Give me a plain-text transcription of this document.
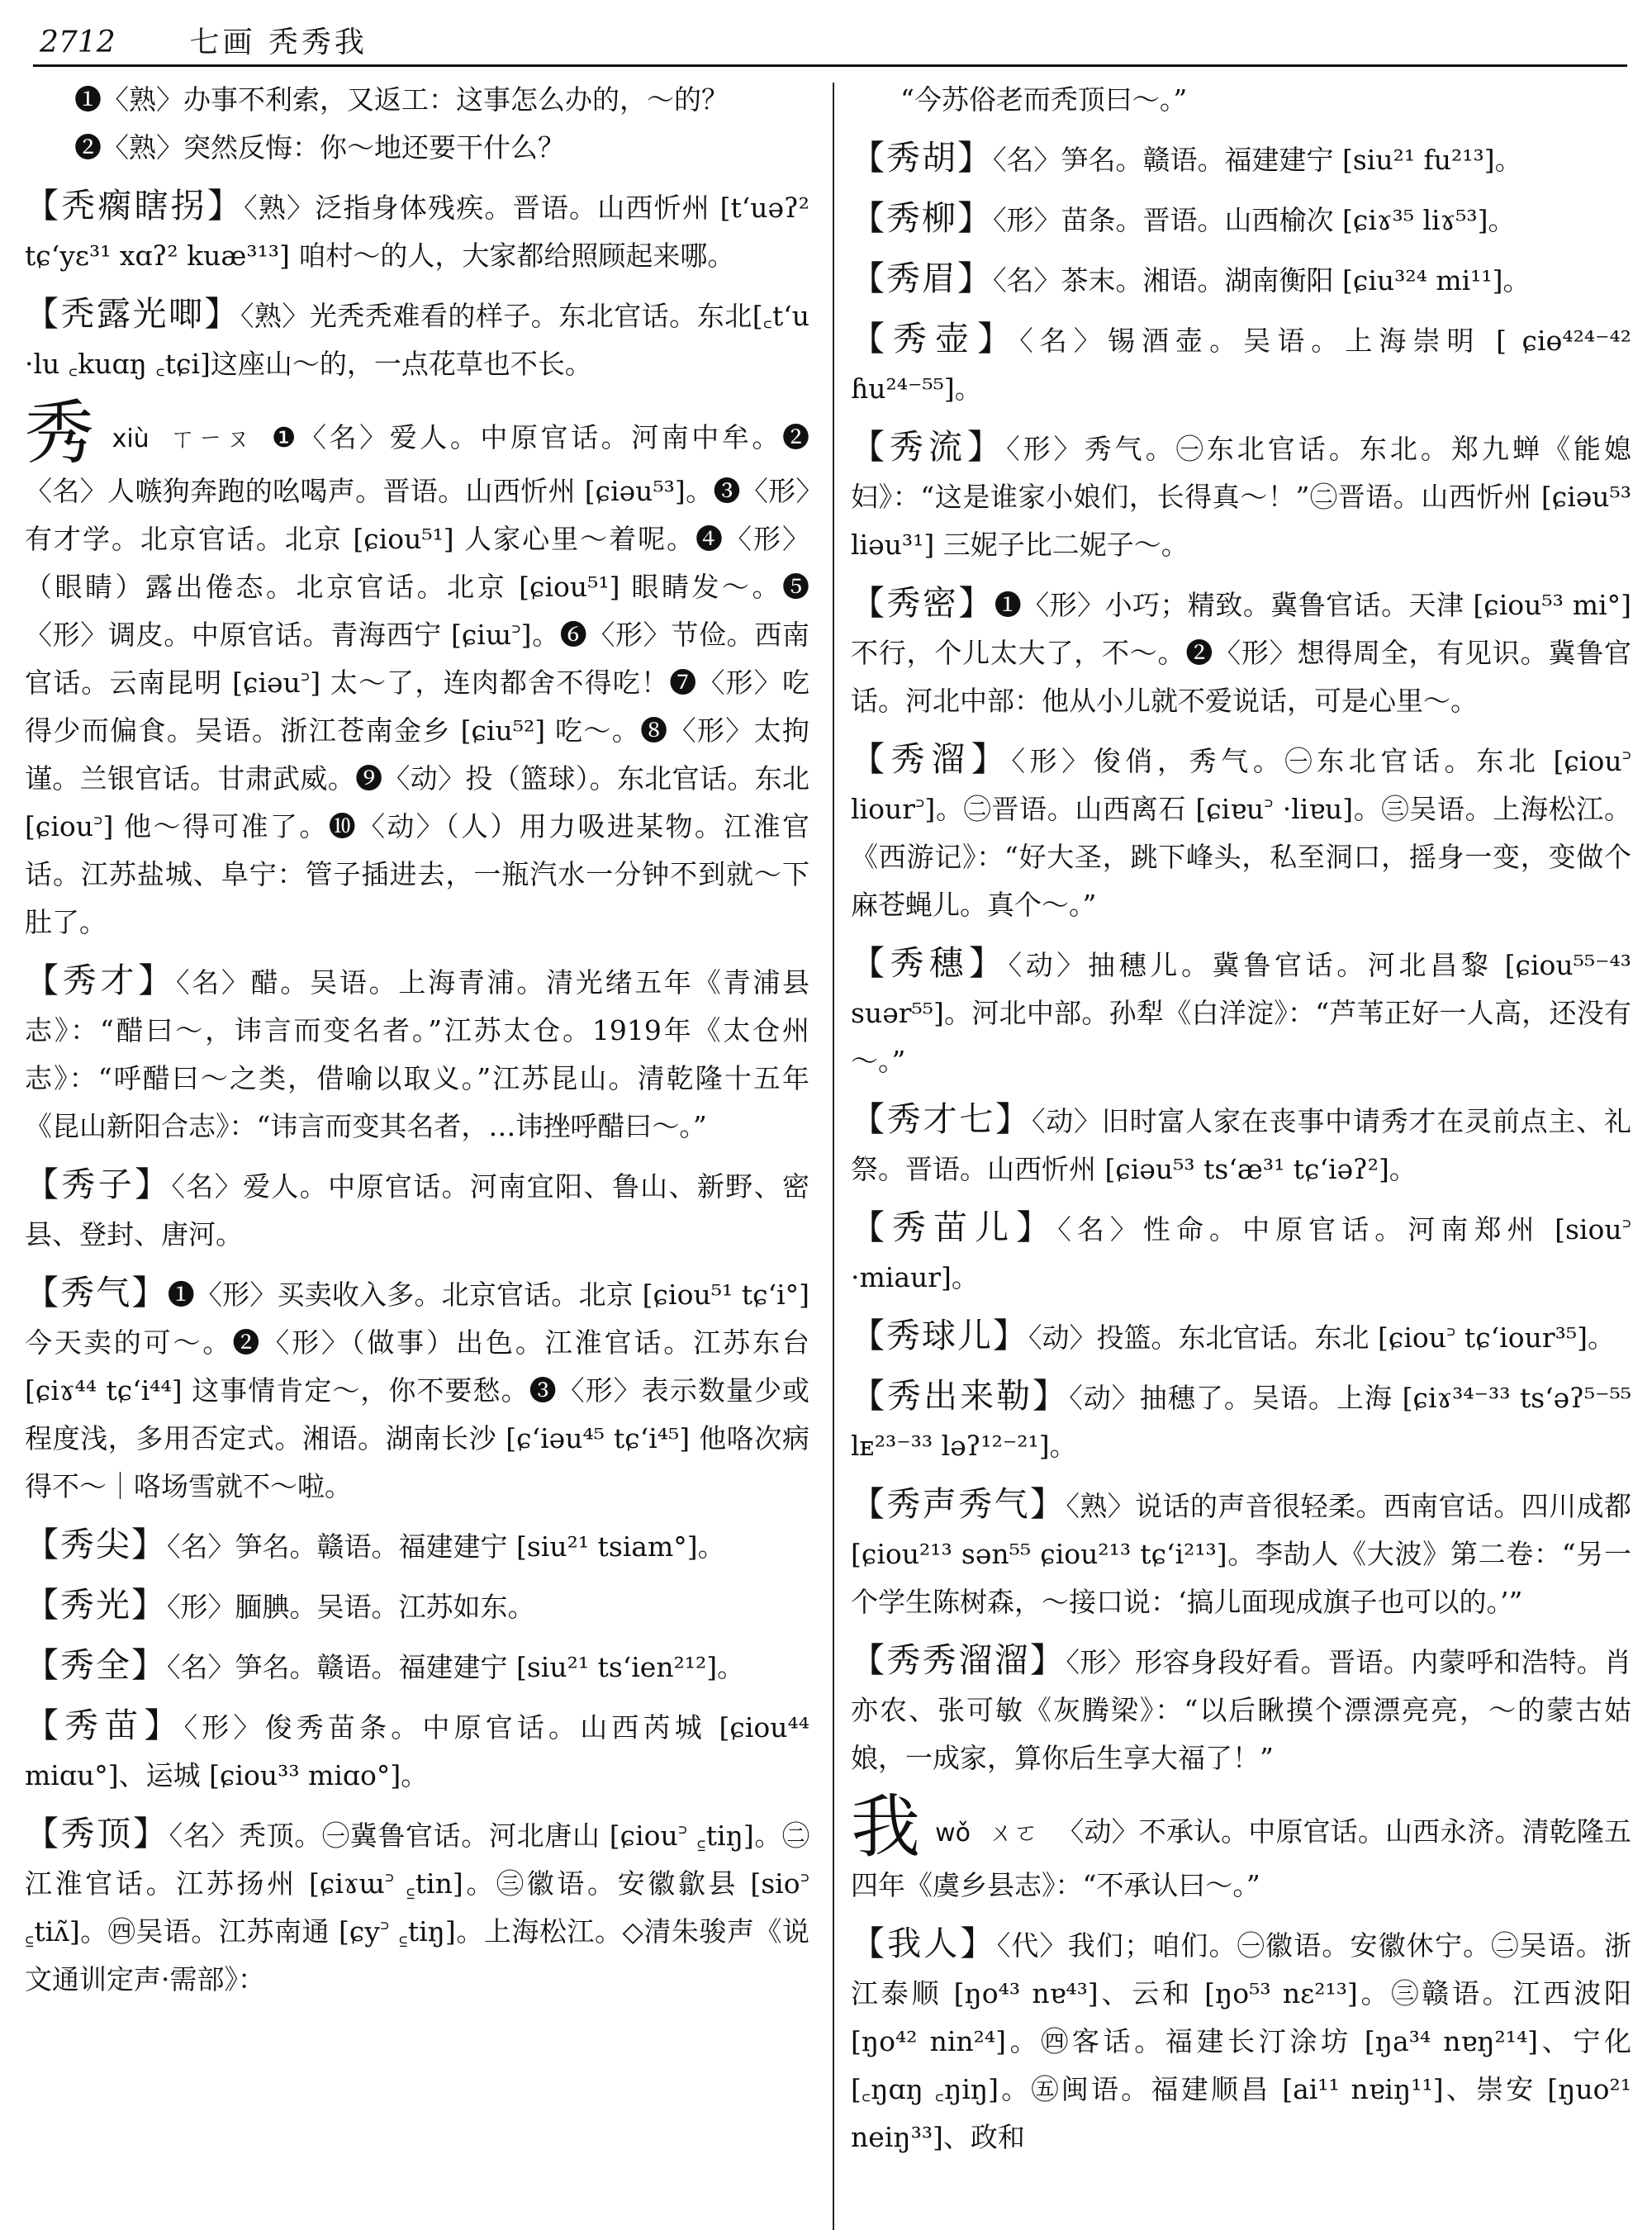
2712 七画 秃秀我
❶〈熟〉办事不利索，又返工：这事怎么办的，～的？
❷〈熟〉突然反悔：你～地还要干什么？
【秃瘸瞎拐】〈熟〉泛指身体残疾。晋语。山西忻州 [t‘uəʔ² tɕ‘yɛ³¹ xɑʔ² kuæ³¹³] 咱村～的人，大家都给照顾起来哪。
【秃露光唧】〈熟〉光秃秃难看的样子。东北官话。东北[꜀t‘u ·lu ꜀kuɑŋ ꜀tɕi]这座山～的，一点花草也不长。
秀xiù ㄒㄧㄡ ❶〈名〉爱人。中原官话。河南中牟。❷〈名〉人嗾狗奔跑的吆喝声。晋语。山西忻州 [ɕiəu⁵³]。❸〈形〉有才学。北京官话。北京 [ɕiou⁵¹] 人家心里～着呢。❹〈形〉（眼睛）露出倦态。北京官话。北京 [ɕiou⁵¹] 眼睛发～。❺〈形〉调皮。中原官话。青海西宁 [ɕiɯ꜄]。❻〈形〉节俭。西南官话。云南昆明 [ɕiəu꜄] 太～了，连肉都舍不得吃！❼〈形〉吃得少而偏食。吴语。浙江苍南金乡 [ɕiu⁵²] 吃～。❽〈形〉太拘谨。兰银官话。甘肃武威。❾〈动〉投（篮球）。东北官话。东北 [ɕiou꜄] 他～得可准了。❿〈动〉（人）用力吸进某物。江淮官话。江苏盐城、阜宁：管子插进去，一瓶汽水一分钟不到就～下肚了。
【秀才】〈名〉醋。吴语。上海青浦。清光绪五年《青浦县志》：“醋曰～，讳言而变名者。”江苏太仓。1919年《太仓州志》：“呼醋曰～之类，借喻以取义。”江苏昆山。清乾隆十五年《昆山新阳合志》：“讳言而变其名者，…讳挫呼醋曰～。”
【秀子】〈名〉爱人。中原官话。河南宜阳、鲁山、新野、密县、登封、唐河。
【秀气】❶〈形〉买卖收入多。北京官话。北京 [ɕiou⁵¹ tɕ‘i°] 今天卖的可～。❷〈形〉（做事）出色。江淮官话。江苏东台 [ɕiɤ⁴⁴ tɕ‘i⁴⁴] 这事情肯定～，你不要愁。❸〈形〉表示数量少或程度浅，多用否定式。湘语。湖南长沙 [ɕ‘iəu⁴⁵ tɕ‘i⁴⁵] 他咯次病得不～｜咯场雪就不～啦。
【秀尖】〈名〉笋名。赣语。福建建宁 [siu²¹ tsiam°]。
【秀光】〈形〉腼腆。吴语。江苏如东。
【秀全】〈名〉笋名。赣语。福建建宁 [siu²¹ ts‘ien²¹²]。
【秀苗】〈形〉俊秀苗条。中原官话。山西芮城 [ɕiou⁴⁴ miɑu°]、运城 [ɕiou³³ miɑo°]。
【秀顶】〈名〉秃顶。㊀冀鲁官话。河北唐山 [ɕiou꜄ ꜁tiŋ]。㊁江淮官话。江苏扬州 [ɕiɤɯ꜄ ꜁tin]。㊂徽语。安徽歙县 [sio꜄ ꜁tiʌ̃]。㊃吴语。江苏南通 [ɕy꜄ ꜁tiŋ]。上海松江。◇清朱骏声《说文通训定声·需部》：
“今苏俗老而秃顶曰～。”
【秀胡】〈名〉笋名。赣语。福建建宁 [siu²¹ fu²¹³]。
【秀柳】〈形〉苗条。晋语。山西榆次 [ɕiɤ³⁵ liɤ⁵³]。
【秀眉】〈名〉茶末。湘语。湖南衡阳 [ɕiu³²⁴ mi¹¹]。
【秀壶】〈名〉锡酒壶。吴语。上海崇明 [ ɕiɵ⁴²⁴⁻⁴² ɦu²⁴⁻⁵⁵]。
【秀流】〈形〉秀气。㊀东北官话。东北。郑九蝉《能媳妇》：“这是谁家小娘们，长得真～！”㊁晋语。山西忻州 [ɕiəu⁵³ liəu³¹] 三妮子比二妮子～。
【秀密】❶〈形〉小巧；精致。冀鲁官话。天津 [ɕiou⁵³ mi°] 不行，个儿太大了，不～。❷〈形〉想得周全，有见识。冀鲁官话。河北中部：他从小儿就不爱说话，可是心里～。
【秀溜】〈形〉俊俏，秀气。㊀东北官话。东北 [ɕiou꜄ liour꜄]。㊁晋语。山西离石 [ɕiɐu꜄ ·liɐu]。㊂吴语。上海松江。《西游记》：“好大圣，跳下峰头，私至洞口，摇身一变，变做个麻苍蝇儿。真个～。”
【秀穗】〈动〉抽穗儿。冀鲁官话。河北昌黎 [ɕiou⁵⁵⁻⁴³ suər⁵⁵]。河北中部。孙犁《白洋淀》：“芦苇正好一人高，还没有～。”
【秀才七】〈动〉旧时富人家在丧事中请秀才在灵前点主、礼祭。晋语。山西忻州 [ɕiəu⁵³ ts‘æ³¹ tɕ‘iəʔ²]。
【秀苗儿】〈名〉性命。中原官话。河南郑州 [siou꜄ ·miaur]。
【秀球儿】〈动〉投篮。东北官话。东北 [ɕiou꜄ tɕ‘iour³⁵]。
【秀出来勒】〈动〉抽穗了。吴语。上海 [ɕiɤ³⁴⁻³³ ts‘əʔ⁵⁻⁵⁵ lᴇ²³⁻³³ ləʔ¹²⁻²¹]。
【秀声秀气】〈熟〉说话的声音很轻柔。西南官话。四川成都 [ɕiou²¹³ sən⁵⁵ ɕiou²¹³ tɕ‘i²¹³]。李劼人《大波》第二卷：“另一个学生陈树森，～接口说：‘搞儿面现成旗子也可以的。’”
【秀秀溜溜】〈形〉形容身段好看。晋语。内蒙呼和浩特。肖亦农、张可敏《灰腾梁》：“以后瞅摸个漂漂亮亮，～的蒙古姑娘，一成家，算你后生享大福了！”
我wǒ ㄨㄛ 〈动〉不承认。中原官话。山西永济。清乾隆五四年《虞乡县志》：“不承认曰～。”
【我人】〈代〉我们；咱们。㊀徽语。安徽休宁。㊁吴语。浙江泰顺 [ŋo⁴³ nɐ⁴³]、云和 [ŋo⁵³ nɛ²¹³]。㊂赣语。江西波阳 [ŋo⁴² nin²⁴]。㊃客话。福建长汀涂坊 [ŋa³⁴ nɐŋ²¹⁴]、宁化 [꜀ŋɑŋ ꜀ŋiŋ]。㊄闽语。福建顺昌 [ai¹¹ nɐiŋ¹¹]、崇安 [ŋuo²¹ neiŋ³³]、政和
